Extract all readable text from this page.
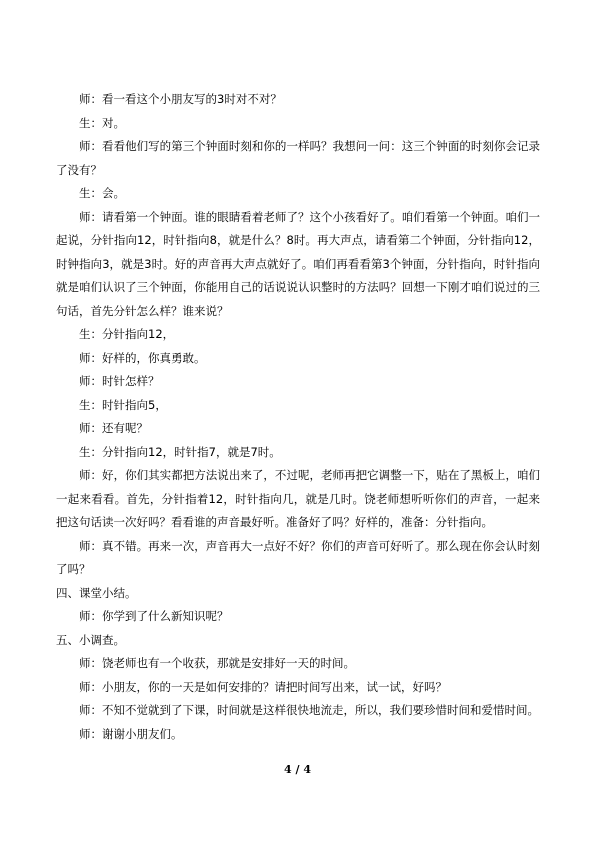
师：看一看这个小朋友写的3时对不对？

生：对。

师：看看他们写的第三个钟面时刻和你的一样吗？我想问一问：这三个钟面的时刻你会记录了没有？

生：会。

师：请看第一个钟面。谁的眼睛看着老师了？这个小孩看好了。咱们看第一个钟面。咱们一起说，分针指向12，时针指向8，就是什么？8时。再大声点，请看第二个钟面，分针指向12，时钟指向3，就是3时。好的声音再大声点就好了。咱们再看看第3个钟面，分针指向，时针指向就是咱们认识了三个钟面，你能用自己的话说说认识整时的方法吗？回想一下刚才咱们说过的三句话，首先分针怎么样？谁来说？

生：分针指向12，

师：好样的，你真勇敢。

师：时针怎样？

生：时针指向5，

师：还有呢？

生：分针指向12，时针指7，就是7时。

师：好，你们其实都把方法说出来了，不过呢，老师再把它调整一下，贴在了黑板上，咱们一起来看看。首先，分针指着12，时针指向几，就是几时。饶老师想听听你们的声音，一起来把这句话读一次好吗？看看谁的声音最好听。准备好了吗？好样的，准备：分针指向。

师：真不错。再来一次，声音再大一点好不好？你们的声音可好听了。那么现在你会认时刻了吗？

四、课堂小结。

师：你学到了什么新知识呢？

五、小调查。

师：饶老师也有一个收获，那就是安排好一天的时间。

师：小朋友，你的一天是如何安排的？请把时间写出来，试一试，好吗？

师：不知不觉就到了下课，时间就是这样很快地流走，所以，我们要珍惜时间和爱惜时间。

师：谢谢小朋友们。

4 / 4
